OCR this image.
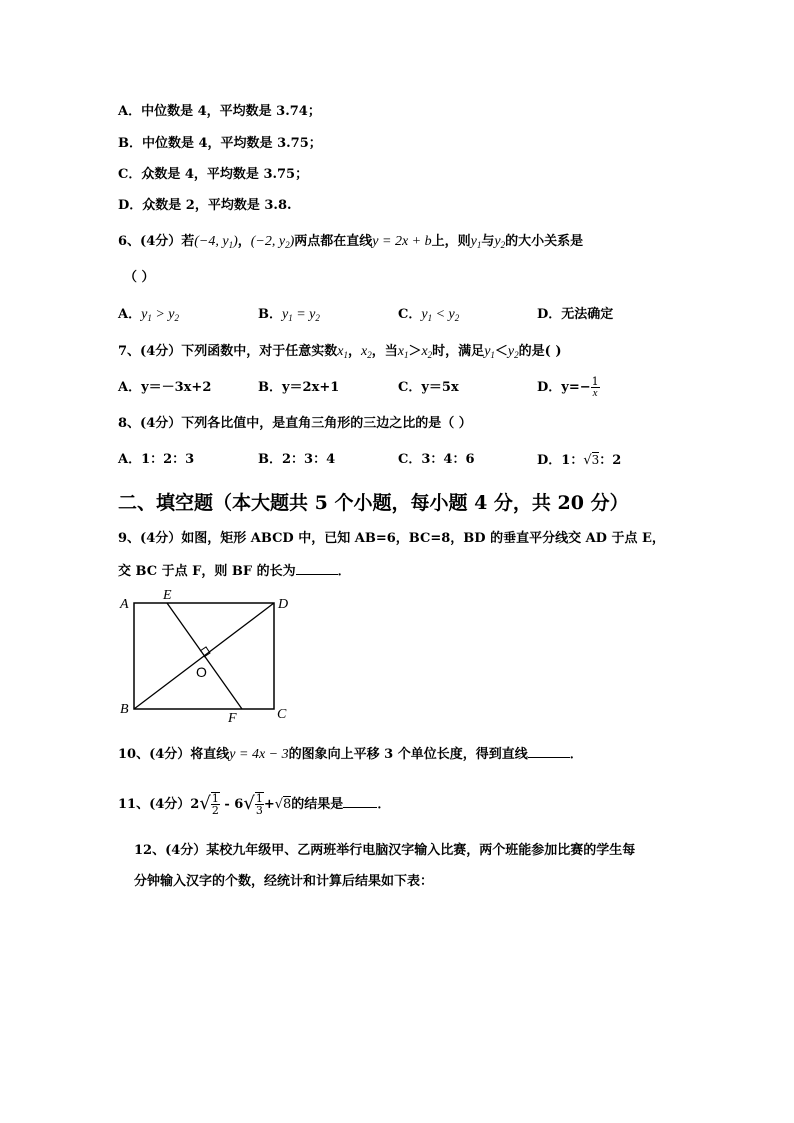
A．中位数是 4，平均数是 3.74；
B．中位数是 4，平均数是 3.75；
C．众数是 4，平均数是 3.75；
D．众数是 2，平均数是 3.8.
6、(4分）若(−4, $y_1$)，(−2, $y_2$)两点都在直线y = 2x + b上，则$y_1$与$y_2$的大小关系是
（ ）
A．$y_1 > y_2$	B．$y_1 = y_2$	C．$y_1 < y_2$	D．无法确定
7、(4分）下列函数中，对于任意实数$x_1$，$x_2$，当$x_1>x_2$时，满足$y_1<y_2$的是( )
A．y＝－3x+2	B．y＝2x+1	C．y＝5x	D．$y=- \frac{1}{x}$
8、(4分）下列各比值中，是直角三角形的三边之比的是（ ）
A．1：2：3	B．2：3：4	C．3：4：6	D．1：√3：2
二、填空题（本大题共 5 个小题，每小题 4 分，共 20 分）
9、(4分）如图，矩形 ABCD 中，已知 AB=6，BC=8，BD 的垂直平分线交 AD 于点 E，
交 BC 于点 F，则 BF 的长为	．
A
B	C
D
E
F
O
10、(4分）将直线y = 4x − 3的图象向上平移 3 个单位长度，得到直线	．
11、(4分）$2√ \frac{1}{2} - 6√ \frac{1}{3} +√8$的结果是	．
12、(4分）某校九年级甲、乙两班举行电脑汉字输入比赛，两个班能参加比赛的学生每
分钟输入汉字的个数，经统计和计算后结果如下表：
